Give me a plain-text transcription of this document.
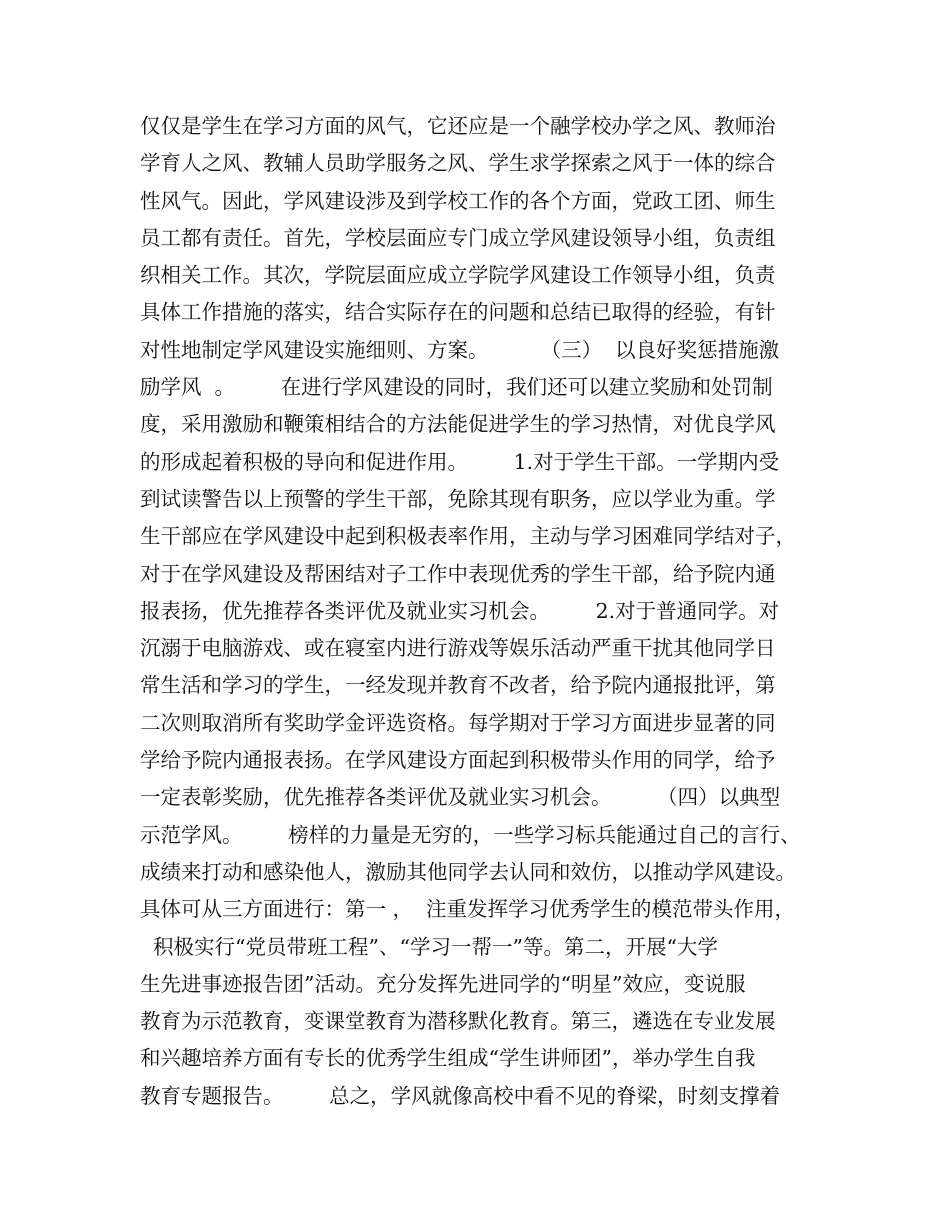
仅仅是学生在学习方面的风气，它还应是一个融学校办学之风、教师治
学育人之风、教辅人员助学服务之风、学生求学探索之风于一体的综合
性风气。因此，学风建设涉及到学校工作的各个方面，党政工团、师生
员工都有责任。首先，学校层面应专门成立学风建设领导小组，负责组
织相关工作。其次，学院层面应成立学院学风建设工作领导小组，负责
具体工作措施的落实，结合实际存在的问题和总结已取得的经验，有针
对性地制定学风建设实施细则、方案。        （三）  以良好奖惩措施激
励学风  。       在进行学风建设的同时，我们还可以建立奖励和处罚制
度，采用激励和鞭策相结合的方法能促进学生的学习热情，对优良学风
的形成起着积极的导向和促进作用。       1.对于学生干部。一学期内受
到试读警告以上预警的学生干部，免除其现有职务，应以学业为重。学
生干部应在学风建设中起到积极表率作用，主动与学习困难同学结对子，
对于在学风建设及帮困结对子工作中表现优秀的学生干部，给予院内通
报表扬，优先推荐各类评优及就业实习机会。       2.对于普通同学。对
沉溺于电脑游戏、或在寝室内进行游戏等娱乐活动严重干扰其他同学日
常生活和学习的学生，一经发现并教育不改者，给予院内通报批评，第
二次则取消所有奖助学金评选资格。每学期对于学习方面进步显著的同
学给予院内通报表扬。在学风建设方面起到积极带头作用的同学，给予
一定表彰奖励，优先推荐各类评优及就业实习机会。       （四）以典型
示范学风。       榜样的力量是无穷的，一些学习标兵能通过自己的言行、
成绩来打动和感染他人，激励其他同学去认同和效仿，以推动学风建设。
具体可从三方面进行：第一 ，  注重发挥学习优秀学生的模范带头作用，
积极实行“党员带班工程”、“学习一帮一”等。第二，开展“大学
生先进事迹报告团”活动。充分发挥先进同学的“明星”效应，变说服
教育为示范教育，变课堂教育为潜移默化教育。第三，遴选在专业发展
和兴趣培养方面有专长的优秀学生组成“学生讲师团”，举办学生自我
教育专题报告。       总之，学风就像高校中看不见的脊梁，时刻支撑着
